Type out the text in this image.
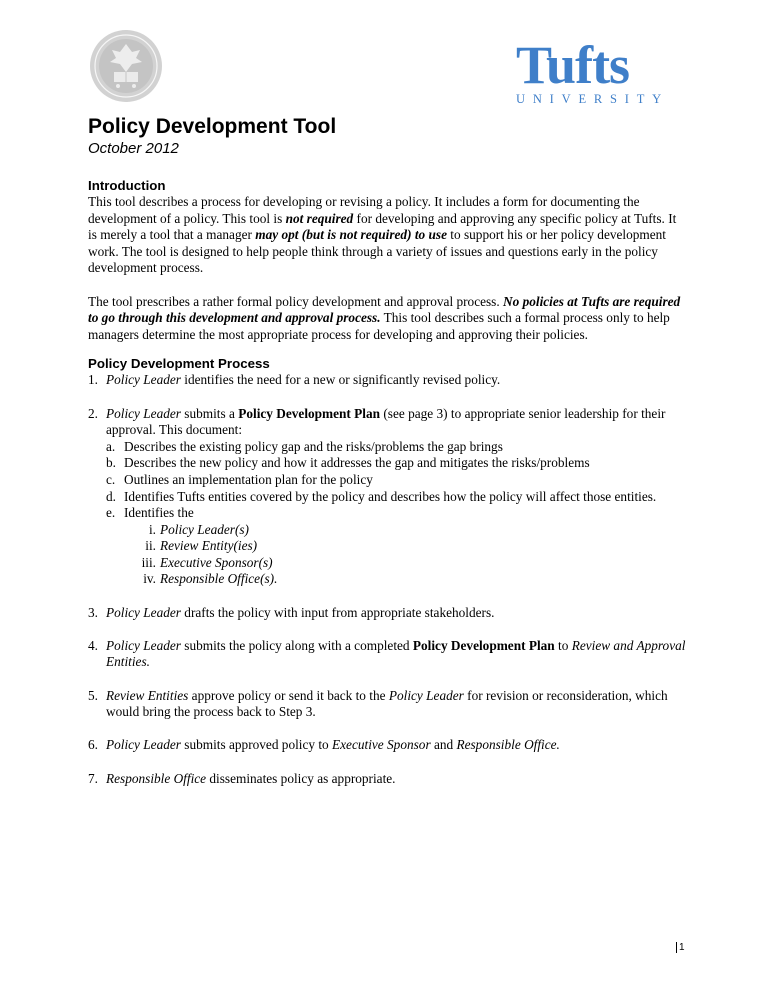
Tufts
UNIVERSITY
Policy Development Tool
October 2012
Introduction

This tool describes a process for developing or revising a policy. It includes a form for documenting the development of a policy. This tool is not required for developing and approving any specific policy at Tufts. It is merely a tool that a manager may opt (but is not required) to use to support his or her policy development work. The tool is designed to help people think through a variety of issues and questions early in the policy development process.

The tool prescribes a rather formal policy development and approval process. No policies at Tufts are required to go through this development and approval process. This tool describes such a formal process only to help managers determine the most appropriate process for developing and approving their policies.

Policy Development Process
1. Policy Leader identifies the need for a new or significantly revised policy.
2. Policy Leader submits a Policy Development Plan (see page 3) to appropriate senior leadership for their approval. This document:
a. Describes the existing policy gap and the risks/problems the gap brings
b. Describes the new policy and how it addresses the gap and mitigates the risks/problems
c. Outlines an implementation plan for the policy
d. Identifies Tufts entities covered by the policy and describes how the policy will affect those entities.
e. Identifies the
i. Policy Leader(s)
ii. Review Entity(ies)
iii. Executive Sponsor(s)
iv. Responsible Office(s).
3. Policy Leader drafts the policy with input from appropriate stakeholders.
4. Policy Leader submits the policy along with a completed Policy Development Plan to Review and Approval Entities.
5. Review Entities approve policy or send it back to the Policy Leader for revision or reconsideration, which would bring the process back to Step 3.
6. Policy Leader submits approved policy to Executive Sponsor and Responsible Office.
7. Responsible Office disseminates policy as appropriate.
1
